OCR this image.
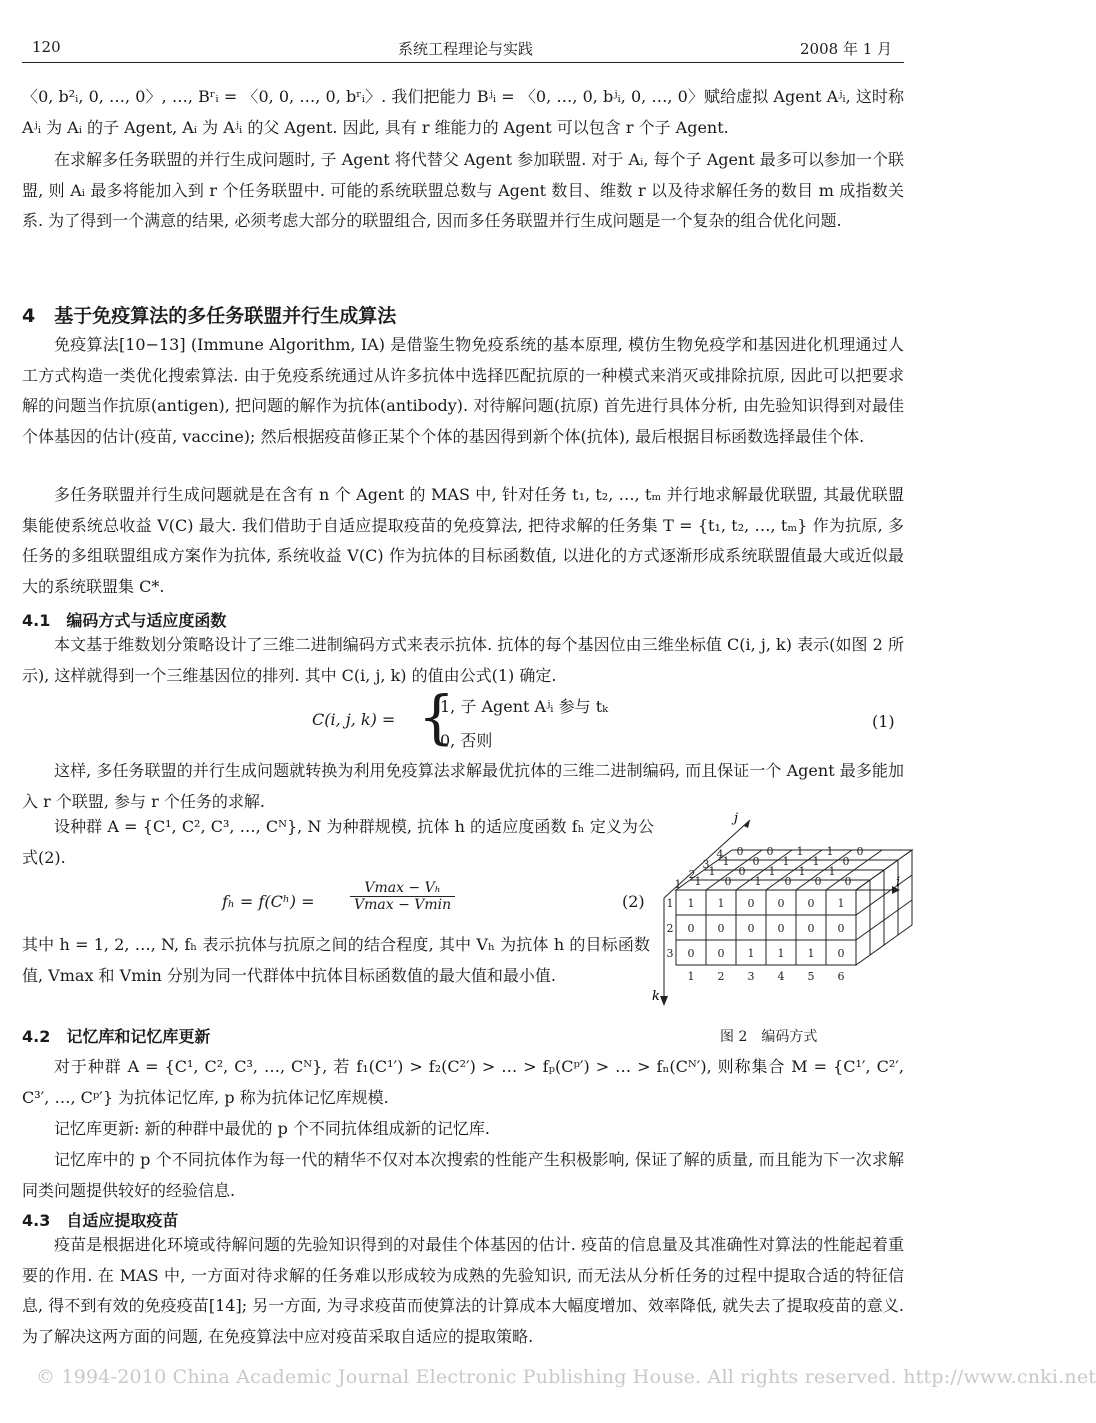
120	系统工程理论与实践	2008 年 1 月

〈0, b²ᵢ, 0, …, 0〉, …, Bʳᵢ = 〈0, 0, …, 0, bʳᵢ〉. 我们把能力 Bʲᵢ = 〈0, …, 0, bʲᵢ, 0, …, 0〉赋给虚拟 Agent Aʲᵢ, 这时称 Aʲᵢ 为 Aᵢ 的子 Agent, Aᵢ 为 Aʲᵢ 的父 Agent. 因此, 具有 r 维能力的 Agent 可以包含 r 个子 Agent.

在求解多任务联盟的并行生成问题时, 子 Agent 将代替父 Agent 参加联盟. 对于 Aᵢ, 每个子 Agent 最多可以参加一个联盟, 则 Aᵢ 最多将能加入到 r 个任务联盟中. 可能的系统联盟总数与 Agent 数目、维数 r 以及待求解任务的数目 m 成指数关系. 为了得到一个满意的结果, 必须考虑大部分的联盟组合, 因而多任务联盟并行生成问题是一个复杂的组合优化问题.

4　基于免疫算法的多任务联盟并行生成算法

免疫算法[10−13] (Immune Algorithm, IA) 是借鉴生物免疫系统的基本原理, 模仿生物免疫学和基因进化机理通过人工方式构造一类优化搜索算法. 由于免疫系统通过从许多抗体中选择匹配抗原的一种模式来消灭或排除抗原, 因此可以把要求解的问题当作抗原(antigen), 把问题的解作为抗体(antibody). 对待解问题(抗原) 首先进行具体分析, 由先验知识得到对最佳个体基因的估计(疫苗, vaccine); 然后根据疫苗修正某个个体的基因得到新个体(抗体), 最后根据目标函数选择最佳个体.

多任务联盟并行生成问题就是在含有 n 个 Agent 的 MAS 中, 针对任务 t₁, t₂, …, tₘ 并行地求解最优联盟, 其最优联盟集能使系统总收益 V(C) 最大. 我们借助于自适应提取疫苗的免疫算法, 把待求解的任务集 T = {t₁, t₂, …, tₘ} 作为抗原, 多任务的多组联盟组成方案作为抗体, 系统收益 V(C) 作为抗体的目标函数值, 以进化的方式逐渐形成系统联盟值最大或近似最大的系统联盟集 C*.

4.1　编码方式与适应度函数

本文基于维数划分策略设计了三维二进制编码方式来表示抗体. 抗体的每个基因位由三维坐标值 C(i, j, k) 表示(如图 2 所示), 这样就得到一个三维基因位的排列. 其中 C(i, j, k) 的值由公式(1) 确定.

C(i, j, k) = {
1, 子 Agent Aʲᵢ 参与 tₖ
0, 否则
(1)

这样, 多任务联盟的并行生成问题就转换为利用免疫算法求解最优抗体的三维二进制编码, 而且保证一个 Agent 最多能加入 r 个联盟, 参与 r 个任务的求解.

设种群 A = {C¹, C², C³, …, Cᴺ}, N 为种群规模, 抗体 h 的适应度函数 fₕ 定义为公式(2).

fₕ = f(Cʰ) =
Vmax − Vₕ
Vmax − Vmin	(2)

其中 h = 1, 2, …, N, fₕ 表示抗体与抗原之间的结合程度, 其中 Vₕ 为抗体 h 的目标函数值, Vmax 和 Vmin 分别为同一代群体中抗体目标函数值的最大值和最小值.

j
i
k
1 1 0 0 0 1
0 0 0 0 0 0
0 0 1 1 1 0
1
2
3
1 2 3 4 5 6
1
2
3
4
1 0 1 0 0 0
1 0 1 1 1
1 0 1 1 0
0 0 1 1 0
图 2　编码方式
4.2　记忆库和记忆库更新

对于种群 A = {C¹, C², C³, …, Cᴺ}, 若 f₁(C¹′) > f₂(C²′) > … > fₚ(Cᵖ′) > … > fₙ(Cᴺ′), 则称集合 M = {C¹′, C²′, C³′, …, Cᵖ′} 为抗体记忆库, p 称为抗体记忆库规模.

记忆库更新: 新的种群中最优的 p 个不同抗体组成新的记忆库.

记忆库中的 p 个不同抗体作为每一代的精华不仅对本次搜索的性能产生积极影响, 保证了解的质量, 而且能为下一次求解同类问题提供较好的经验信息.

4.3　自适应提取疫苗

疫苗是根据进化环境或待解问题的先验知识得到的对最佳个体基因的估计. 疫苗的信息量及其准确性对算法的性能起着重要的作用. 在 MAS 中, 一方面对待求解的任务难以形成较为成熟的先验知识, 而无法从分析任务的过程中提取合适的特征信息, 得不到有效的免疫疫苗[14]; 另一方面, 为寻求疫苗而使算法的计算成本大幅度增加、效率降低, 就失去了提取疫苗的意义. 为了解决这两方面的问题, 在免疫算法中应对疫苗采取自适应的提取策略.

© 1994-2010 China Academic Journal Electronic Publishing House. All rights reserved. http://www.cnki.net
